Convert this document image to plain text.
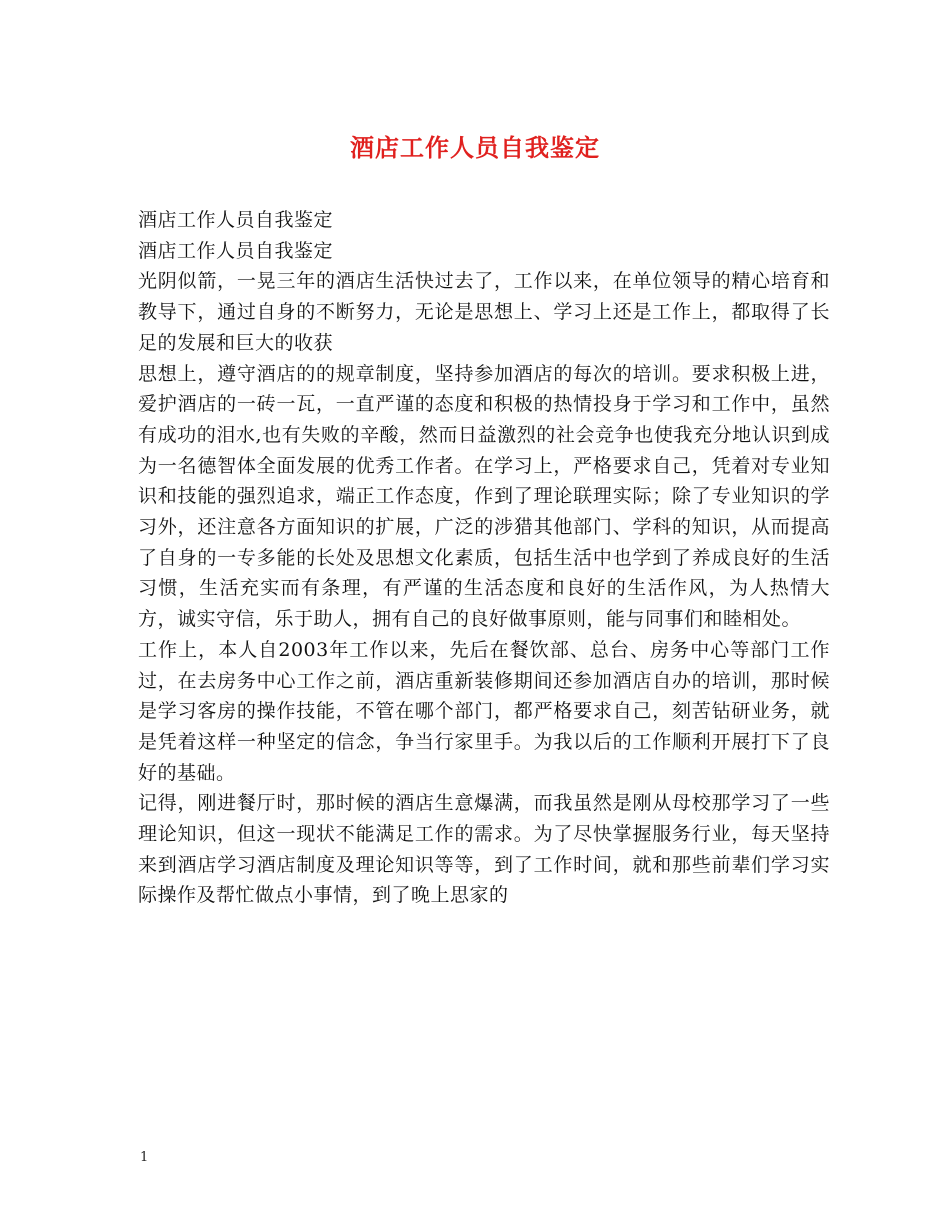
酒店工作人员自我鉴定

酒店工作人员自我鉴定

酒店工作人员自我鉴定

光阴似箭，一晃三年的酒店生活快过去了，工作以来，在单位领导的精心培育和教导下，通过自身的不断努力，无论是思想上、学习上还是工作上，都取得了长足的发展和巨大的收获

思想上，遵守酒店的的规章制度，坚持参加酒店的每次的培训。要求积极上进，爱护酒店的一砖一瓦，一直严谨的态度和积极的热情投身于学习和工作中，虽然有成功的泪水,也有失败的辛酸，然而日益激烈的社会竞争也使我充分地认识到成为一名德智体全面发展的优秀工作者。在学习上，严格要求自己，凭着对专业知识和技能的强烈追求，端正工作态度，作到了理论联理实际；除了专业知识的学习外，还注意各方面知识的扩展，广泛的涉猎其他部门、学科的知识，从而提高了自身的一专多能的长处及思想文化素质，包括生活中也学到了养成良好的生活习惯，生活充实而有条理，有严谨的生活态度和良好的生活作风，为人热情大方，诚实守信，乐于助人，拥有自己的良好做事原则，能与同事们和睦相处。

工作上，本人自2003年工作以来，先后在餐饮部、总台、房务中心等部门工作过，在去房务中心工作之前，酒店重新装修期间还参加酒店自办的培训，那时候是学习客房的操作技能，不管在哪个部门，都严格要求自己，刻苦钻研业务，就是凭着这样一种坚定的信念，争当行家里手。为我以后的工作顺利开展打下了良好的基础。

记得，刚进餐厅时，那时候的酒店生意爆满，而我虽然是刚从母校那学习了一些理论知识，但这一现状不能满足工作的需求。为了尽快掌握服务行业，每天坚持来到酒店学习酒店制度及理论知识等等，到了工作时间，就和那些前辈们学习实际操作及帮忙做点小事情，到了晚上思家的

1
